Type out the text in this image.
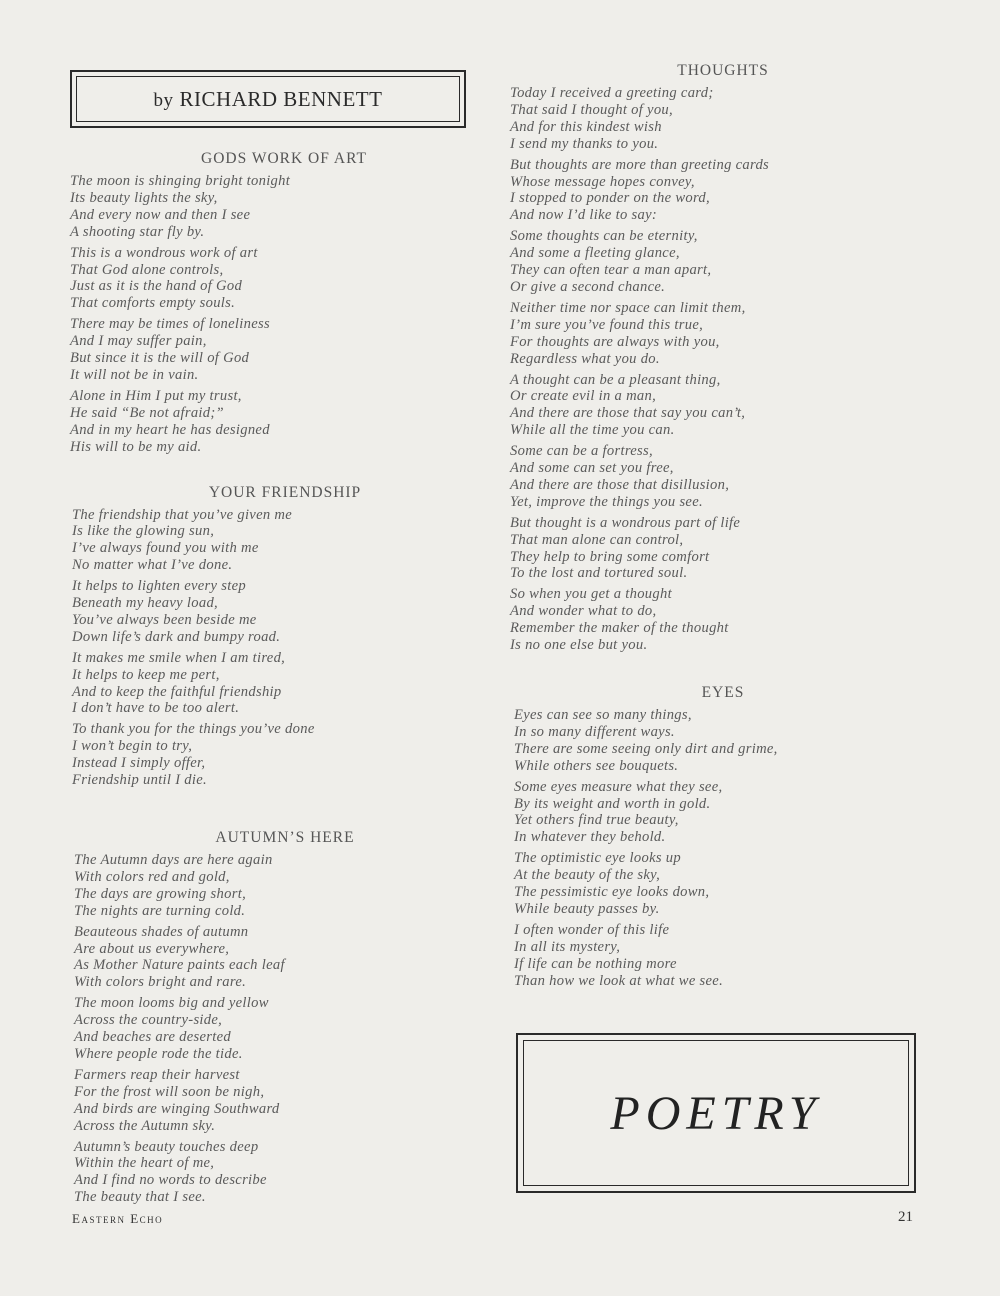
by RICHARD BENNETT
GODS WORK OF ART
The moon is shinging bright tonight
Its beauty lights the sky,
And every now and then I see
A shooting star fly by.
This is a wondrous work of art
That God alone controls,
Just as it is the hand of God
That comforts empty souls.
There may be times of loneliness
And I may suffer pain,
But since it is the will of God
It will not be in vain.
Alone in Him I put my trust,
He said “Be not afraid;”
And in my heart he has designed
His will to be my aid.
YOUR FRIENDSHIP
The friendship that you’ve given me
Is like the glowing sun,
I’ve always found you with me
No matter what I’ve done.
It helps to lighten every step
Beneath my heavy load,
You’ve always been beside me
Down life’s dark and bumpy road.
It makes me smile when I am tired,
It helps to keep me pert,
And to keep the faithful friendship
I don’t have to be too alert.
To thank you for the things you’ve done
I won’t begin to try,
Instead I simply offer,
Friendship until I die.
AUTUMN’S HERE
The Autumn days are here again
With colors red and gold,
The days are growing short,
The nights are turning cold.
Beauteous shades of autumn
Are about us everywhere,
As Mother Nature paints each leaf
With colors bright and rare.
The moon looms big and yellow
Across the country-side,
And beaches are deserted
Where people rode the tide.
Farmers reap their harvest
For the frost will soon be nigh,
And birds are winging Southward
Across the Autumn sky.
Autumn’s beauty touches deep
Within the heart of me,
And I find no words to describe
The beauty that I see.
THOUGHTS
Today I received a greeting card;
That said I thought of you,
And for this kindest wish
I send my thanks to you.
But thoughts are more than greeting cards
Whose message hopes convey,
I stopped to ponder on the word,
And now I’d like to say:
Some thoughts can be eternity,
And some a fleeting glance,
They can often tear a man apart,
Or give a second chance.
Neither time nor space can limit them,
I’m sure you’ve found this true,
For thoughts are always with you,
Regardless what you do.
A thought can be a pleasant thing,
Or create evil in a man,
And there are those that say you can’t,
While all the time you can.
Some can be a fortress,
And some can set you free,
And there are those that disillusion,
Yet, improve the things you see.
But thought is a wondrous part of life
That man alone can control,
They help to bring some comfort
To the lost and tortured soul.
So when you get a thought
And wonder what to do,
Remember the maker of the thought
Is no one else but you.
EYES
Eyes can see so many things,
In so many different ways.
There are some seeing only dirt and grime,
While others see bouquets.
Some eyes measure what they see,
By its weight and worth in gold.
Yet others find true beauty,
In whatever they behold.
The optimistic eye looks up
At the beauty of the sky,
The pessimistic eye looks down,
While beauty passes by.
I often wonder of this life
In all its mystery,
If life can be nothing more
Than how we look at what we see.
POETRY
Eastern Echo	21
